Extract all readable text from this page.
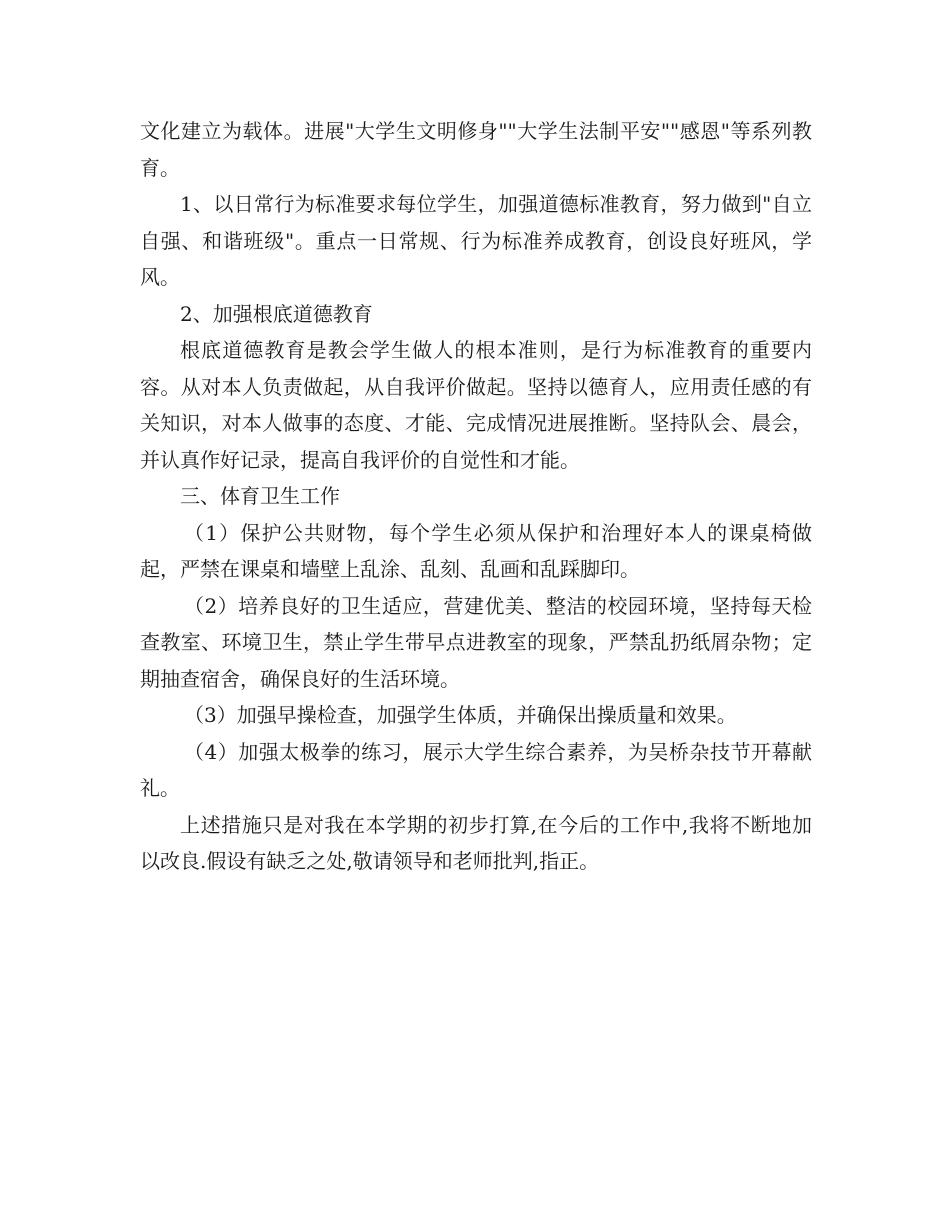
文化建立为载体。进展"大学生文明修身""大学生法制平安""感恩"等系列教育。

1、以日常行为标准要求每位学生，加强道德标准教育，努力做到"自立自强、和谐班级"。重点一日常规、行为标准养成教育，创设良好班风，学风。

2、加强根底道德教育

根底道德教育是教会学生做人的根本准则，是行为标准教育的重要内容。从对本人负责做起，从自我评价做起。坚持以德育人，应用责任感的有关知识，对本人做事的态度、才能、完成情况进展推断。坚持队会、晨会，并认真作好记录，提高自我评价的自觉性和才能。

三、体育卫生工作

（1）保护公共财物，每个学生必须从保护和治理好本人的课桌椅做起，严禁在课桌和墙壁上乱涂、乱刻、乱画和乱踩脚印。

（2）培养良好的卫生适应，营建优美、整洁的校园环境，坚持每天检查教室、环境卫生，禁止学生带早点进教室的现象，严禁乱扔纸屑杂物；定期抽查宿舍，确保良好的生活环境。

（3）加强早操检查，加强学生体质，并确保出操质量和效果。

（4）加强太极拳的练习，展示大学生综合素养，为吴桥杂技节开幕献礼。

上述措施只是对我在本学期的初步打算,在今后的工作中,我将不断地加以改良.假设有缺乏之处,敬请领导和老师批判,指正。
